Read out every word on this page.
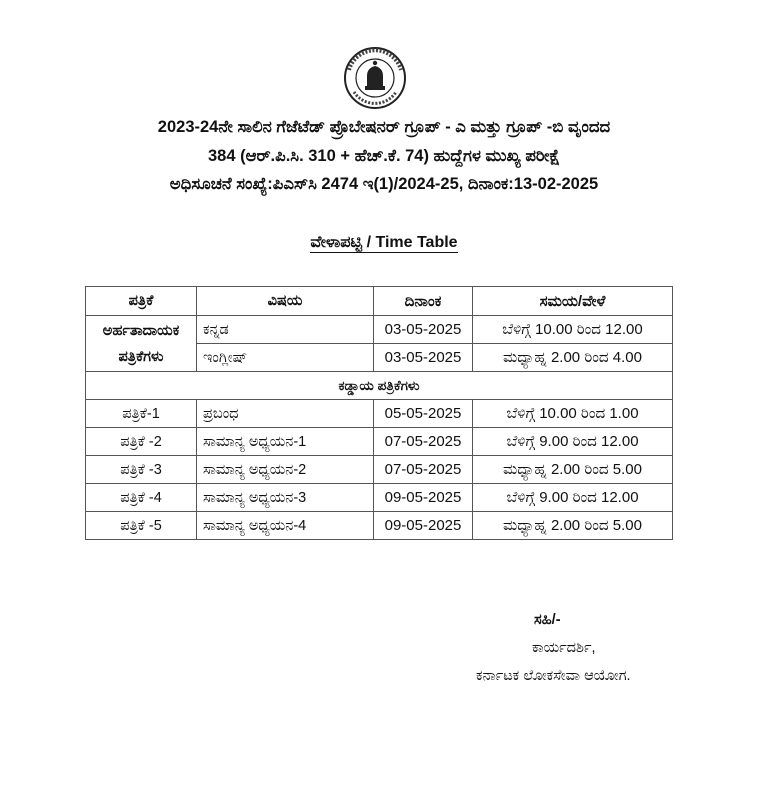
2023-24ನೇ ಸಾಲಿನ ಗೆಜೆಟೆಡ್ ಪ್ರೊಬೇಷನರ್ ಗ್ರೂಪ್ - ಎ ಮತ್ತು ಗ್ರೂಪ್ -ಬಿ ವೃಂದದ
384 (ಆರ್.ಪಿ.ಸಿ. 310 + ಹೆಚ್.ಕೆ. 74) ಹುದ್ದೆಗಳ ಮುಖ್ಯ ಪರೀಕ್ಷೆ
ಅಧಿಸೂಚನೆ ಸಂಖ್ಯೆ:ಪಿಎಸ್‌ಸಿ 2474 ಇ(1)/2024-25, ದಿನಾಂಕ:13-02-2025
ವೇಳಾಪಟ್ಟಿ / Time Table
ಪತ್ರಿಕೆ	ವಿಷಯ	ದಿನಾಂಕ	ಸಮಯ/ವೇಳೆ

ಅರ್ಹತಾದಾಯಕ
ಪತ್ರಿಕೆಗಳು	ಕನ್ನಡ	03-05-2025	ಬೆಳಿಗ್ಗೆ 10.00 ರಿಂದ 12.00
	ಇಂಗ್ಲೀಷ್	03-05-2025	ಮಧ್ಯಾಹ್ನ 2.00 ರಿಂದ 4.00
ಕಡ್ಡಾಯ ಪತ್ರಿಕೆಗಳು			
ಪತ್ರಿಕೆ-1	ಪ್ರಬಂಧ	05-05-2025	ಬೆಳಿಗ್ಗೆ 10.00 ರಿಂದ 1.00
ಪತ್ರಿಕೆ -2	ಸಾಮಾನ್ಯ ಅಧ್ಯಯನ-1	07-05-2025	ಬೆಳಿಗ್ಗೆ 9.00 ರಿಂದ 12.00
ಪತ್ರಿಕೆ -3	ಸಾಮಾನ್ಯ ಅಧ್ಯಯನ-2	07-05-2025	ಮಧ್ಯಾಹ್ನ 2.00 ರಿಂದ 5.00
ಪತ್ರಿಕೆ -4	ಸಾಮಾನ್ಯ ಅಧ್ಯಯನ-3	09-05-2025	ಬೆಳಿಗ್ಗೆ 9.00 ರಿಂದ 12.00
ಪತ್ರಿಕೆ -5	ಸಾಮಾನ್ಯ ಅಧ್ಯಯನ-4	09-05-2025	ಮಧ್ಯಾಹ್ನ 2.00 ರಿಂದ 5.00
ಸಹಿ/-
ಕಾರ್ಯದರ್ಶಿ,
ಕರ್ನಾಟಕ ಲೋಕಸೇವಾ ಆಯೋಗ.
